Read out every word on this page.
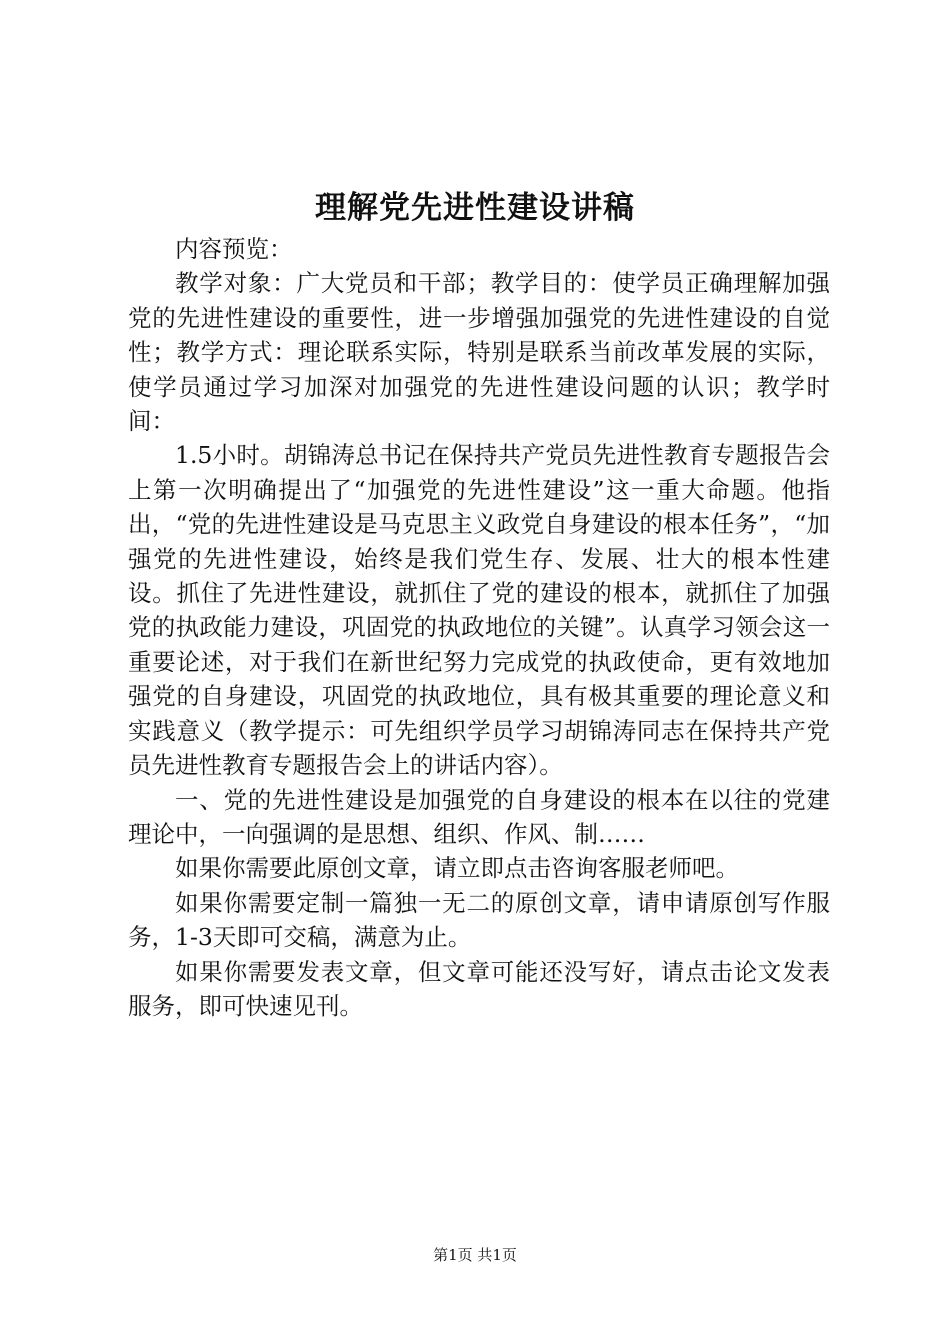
理解党先进性建设讲稿

内容预览：

教学对象：广大党员和干部；教学目的：使学员正确理解加强党的先进性建设的重要性，进一步增强加强党的先进性建设的自觉性；教学方式：理论联系实际，特别是联系当前改革发展的实际，使学员通过学习加深对加强党的先进性建设问题的认识；教学时间：

1.5小时。胡锦涛总书记在保持共产党员先进性教育专题报告会上第一次明确提出了“加强党的先进性建设”这一重大命题。他指出，“党的先进性建设是马克思主义政党自身建设的根本任务”，“加强党的先进性建设，始终是我们党生存、发展、壮大的根本性建设。抓住了先进性建设，就抓住了党的建设的根本，就抓住了加强党的执政能力建设，巩固党的执政地位的关键”。认真学习领会这一重要论述，对于我们在新世纪努力完成党的执政使命，更有效地加强党的自身建设，巩固党的执政地位，具有极其重要的理论意义和实践意义（教学提示：可先组织学员学习胡锦涛同志在保持共产党员先进性教育专题报告会上的讲话内容）。

一、党的先进性建设是加强党的自身建设的根本在以往的党建理论中，一向强调的是思想、组织、作风、制……

如果你需要此原创文章，请立即点击咨询客服老师吧。

如果你需要定制一篇独一无二的原创文章，请申请原创写作服务，1-3天即可交稿，满意为止。

如果你需要发表文章，但文章可能还没写好，请点击论文发表服务，即可快速见刊。

第1页 共1页
